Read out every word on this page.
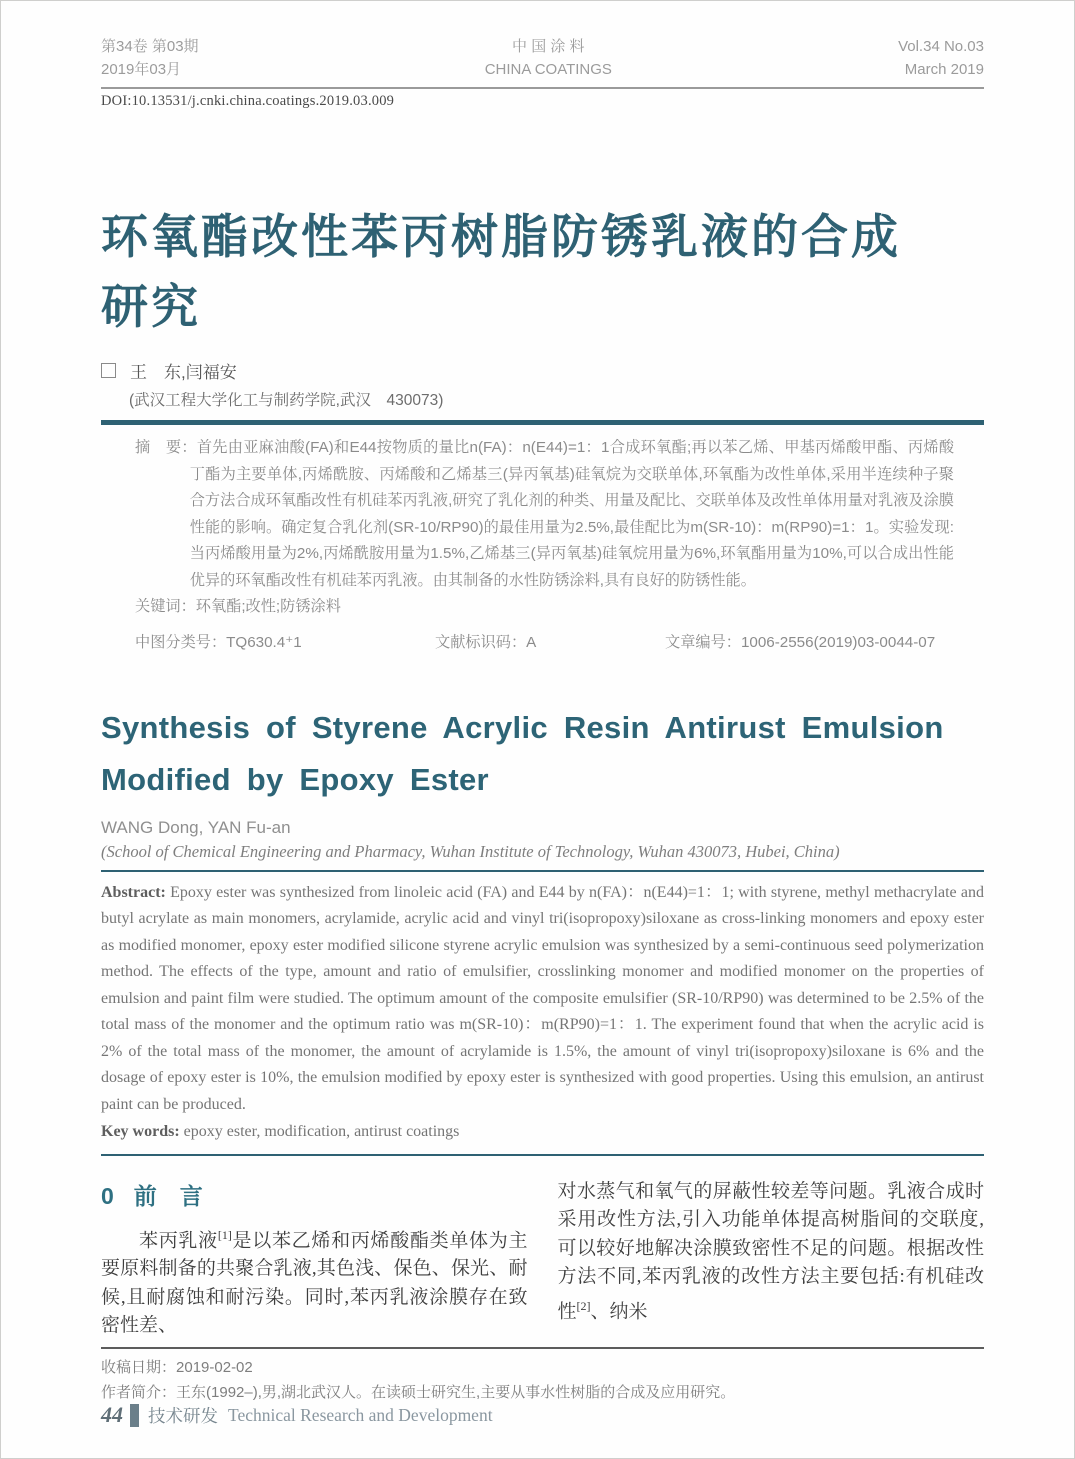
第34卷 第03期
2019年03月
中 国 涂 料
CHINA COATINGS
Vol.34 No.03
March 2019
DOI:10.13531/j.cnki.china.coatings.2019.03.009
环氧酯改性苯丙树脂防锈乳液的合成
研究
王　东,闫福安
(武汉工程大学化工与制药学院,武汉　430073)

摘　要：首先由亚麻油酸(FA)和E44按物质的量比n(FA)：n(E44)=1：1合成环氧酯;再以苯乙烯、甲基丙烯酸甲酯、丙烯酸丁酯为主要单体,丙烯酰胺、丙烯酸和乙烯基三(异丙氧基)硅氧烷为交联单体,环氧酯为改性单体,采用半连续种子聚合方法合成环氧酯改性有机硅苯丙乳液,研究了乳化剂的种类、用量及配比、交联单体及改性单体用量对乳液及涂膜性能的影响。确定复合乳化剂(SR-10/RP90)的最佳用量为2.5%,最佳配比为m(SR-10)：m(RP90)=1：1。实验发现:当丙烯酸用量为2%,丙烯酰胺用量为1.5%,乙烯基三(异丙氧基)硅氧烷用量为6%,环氧酯用量为10%,可以合成出性能优异的环氧酯改性有机硅苯丙乳液。由其制备的水性防锈涂料,具有良好的防锈性能。

关键词：环氧酯;改性;防锈涂料

中图分类号：TQ630.4⁺1	文献标识码：A	文章编号：1006-2556(2019)03-0044-07
Synthesis of Styrene Acrylic Resin Antirust Emulsion
Modified by Epoxy Ester
WANG Dong, YAN Fu-an
(School of Chemical Engineering and Pharmacy, Wuhan Institute of Technology, Wuhan 430073, Hubei, China)

Abstract: Epoxy ester was synthesized from linoleic acid (FA) and E44 by n(FA)：n(E44)=1：1; with styrene, methyl methacrylate and butyl acrylate as main monomers, acrylamide, acrylic acid and vinyl tri(isopropoxy)siloxane as cross-linking monomers and epoxy ester as modified monomer, epoxy ester modified silicone styrene acrylic emulsion was synthesized by a semi-continuous seed polymerization method. The effects of the type, amount and ratio of emulsifier, crosslinking monomer and modified monomer on the properties of emulsion and paint film were studied. The optimum amount of the composite emulsifier (SR-10/RP90) was determined to be 2.5% of the total mass of the monomer and the optimum ratio was m(SR-10)：m(RP90)=1：1. The experiment found that when the acrylic acid is 2% of the total mass of the monomer, the amount of acrylamide is 1.5%, the amount of vinyl tri(isopropoxy)siloxane is 6% and the dosage of epoxy ester is 10%, the emulsion modified by epoxy ester is synthesized with good properties. Using this emulsion, an antirust paint can be produced.

Key words: epoxy ester, modification, antirust coatings

0 前　言

苯丙乳液[1]是以苯乙烯和丙烯酸酯类单体为主要原料制备的共聚合乳液,其色浅、保色、保光、耐候,且耐腐蚀和耐污染。同时,苯丙乳液涂膜存在致密性差、

对水蒸气和氧气的屏蔽性较差等问题。乳液合成时采用改性方法,引入功能单体提高树脂间的交联度,可以较好地解决涂膜致密性不足的问题。根据改性方法不同,苯丙乳液的改性方法主要包括:有机硅改性[2]、纳米

收稿日期：2019-02-02
作者简介：王东(1992–),男,湖北武汉人。在读硕士研究生,主要从事水性树脂的合成及应用研究。
44 技术研发 Technical Research and Development
